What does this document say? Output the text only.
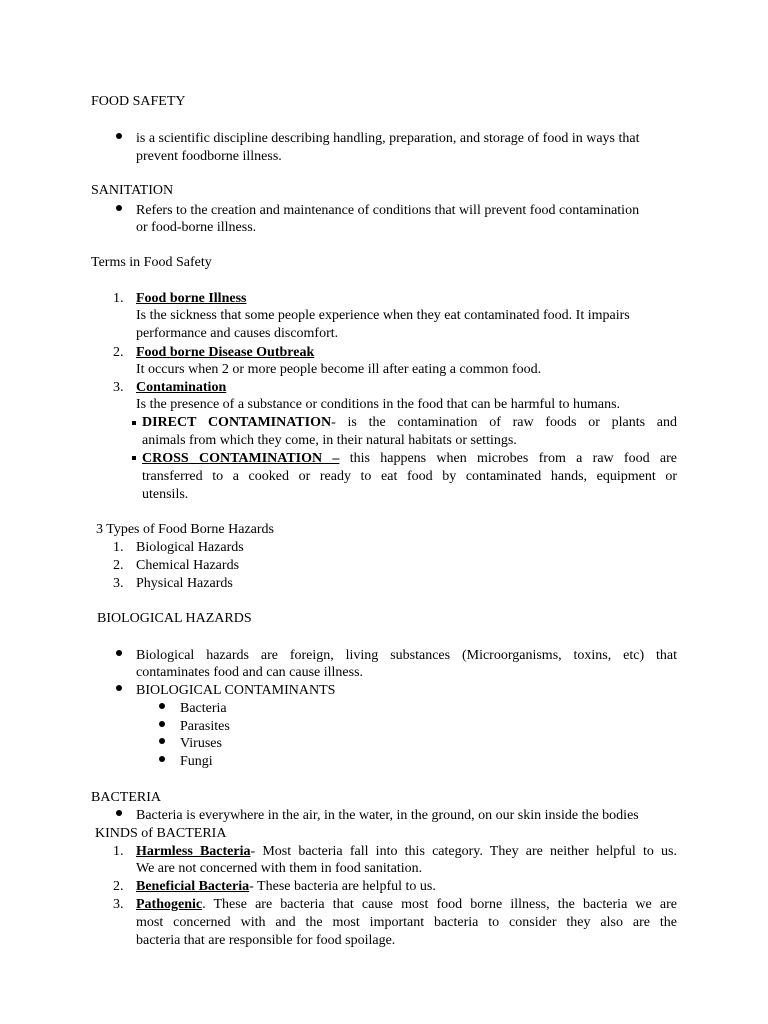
FOOD SAFETY
is a scientific discipline describing handling, preparation, and storage of food in ways that
prevent foodborne illness.
SANITATION
Refers to the creation and maintenance of conditions that will prevent food contamination
or food-borne illness.
Terms in Food Safety
1. Food borne Illness
Is the sickness that some people experience when they eat contaminated food. It impairs
performance and causes discomfort.
2. Food borne Disease Outbreak
It occurs when 2 or more people become ill after eating a common food.
3. Contamination
Is the presence of a substance or conditions in the food that can be harmful to humans.
DIRECT CONTAMINATION- is the contamination of raw foods or plants and
animals from which they come, in their natural habitats or settings.
CROSS CONTAMINATION – this happens when microbes from a raw food are
transferred to a cooked or ready to eat food by contaminated hands, equipment or
utensils.
3 Types of Food Borne Hazards
1. Biological Hazards
2. Chemical Hazards
3. Physical Hazards
BIOLOGICAL HAZARDS
Biological hazards are foreign, living substances (Microorganisms, toxins, etc) that
contaminates food and can cause illness.
BIOLOGICAL CONTAMINANTS
Bacteria
Parasites
Viruses
Fungi
BACTERIA
Bacteria is everywhere in the air, in the water, in the ground, on our skin inside the bodies
KINDS of BACTERIA
1. Harmless Bacteria- Most bacteria fall into this category. They are neither helpful to us.
We are not concerned with them in food sanitation.
2. Beneficial Bacteria- These bacteria are helpful to us.
3. Pathogenic. These are bacteria that cause most food borne illness, the bacteria we are
most concerned with and the most important bacteria to consider they also are the
bacteria that are responsible for food spoilage.
